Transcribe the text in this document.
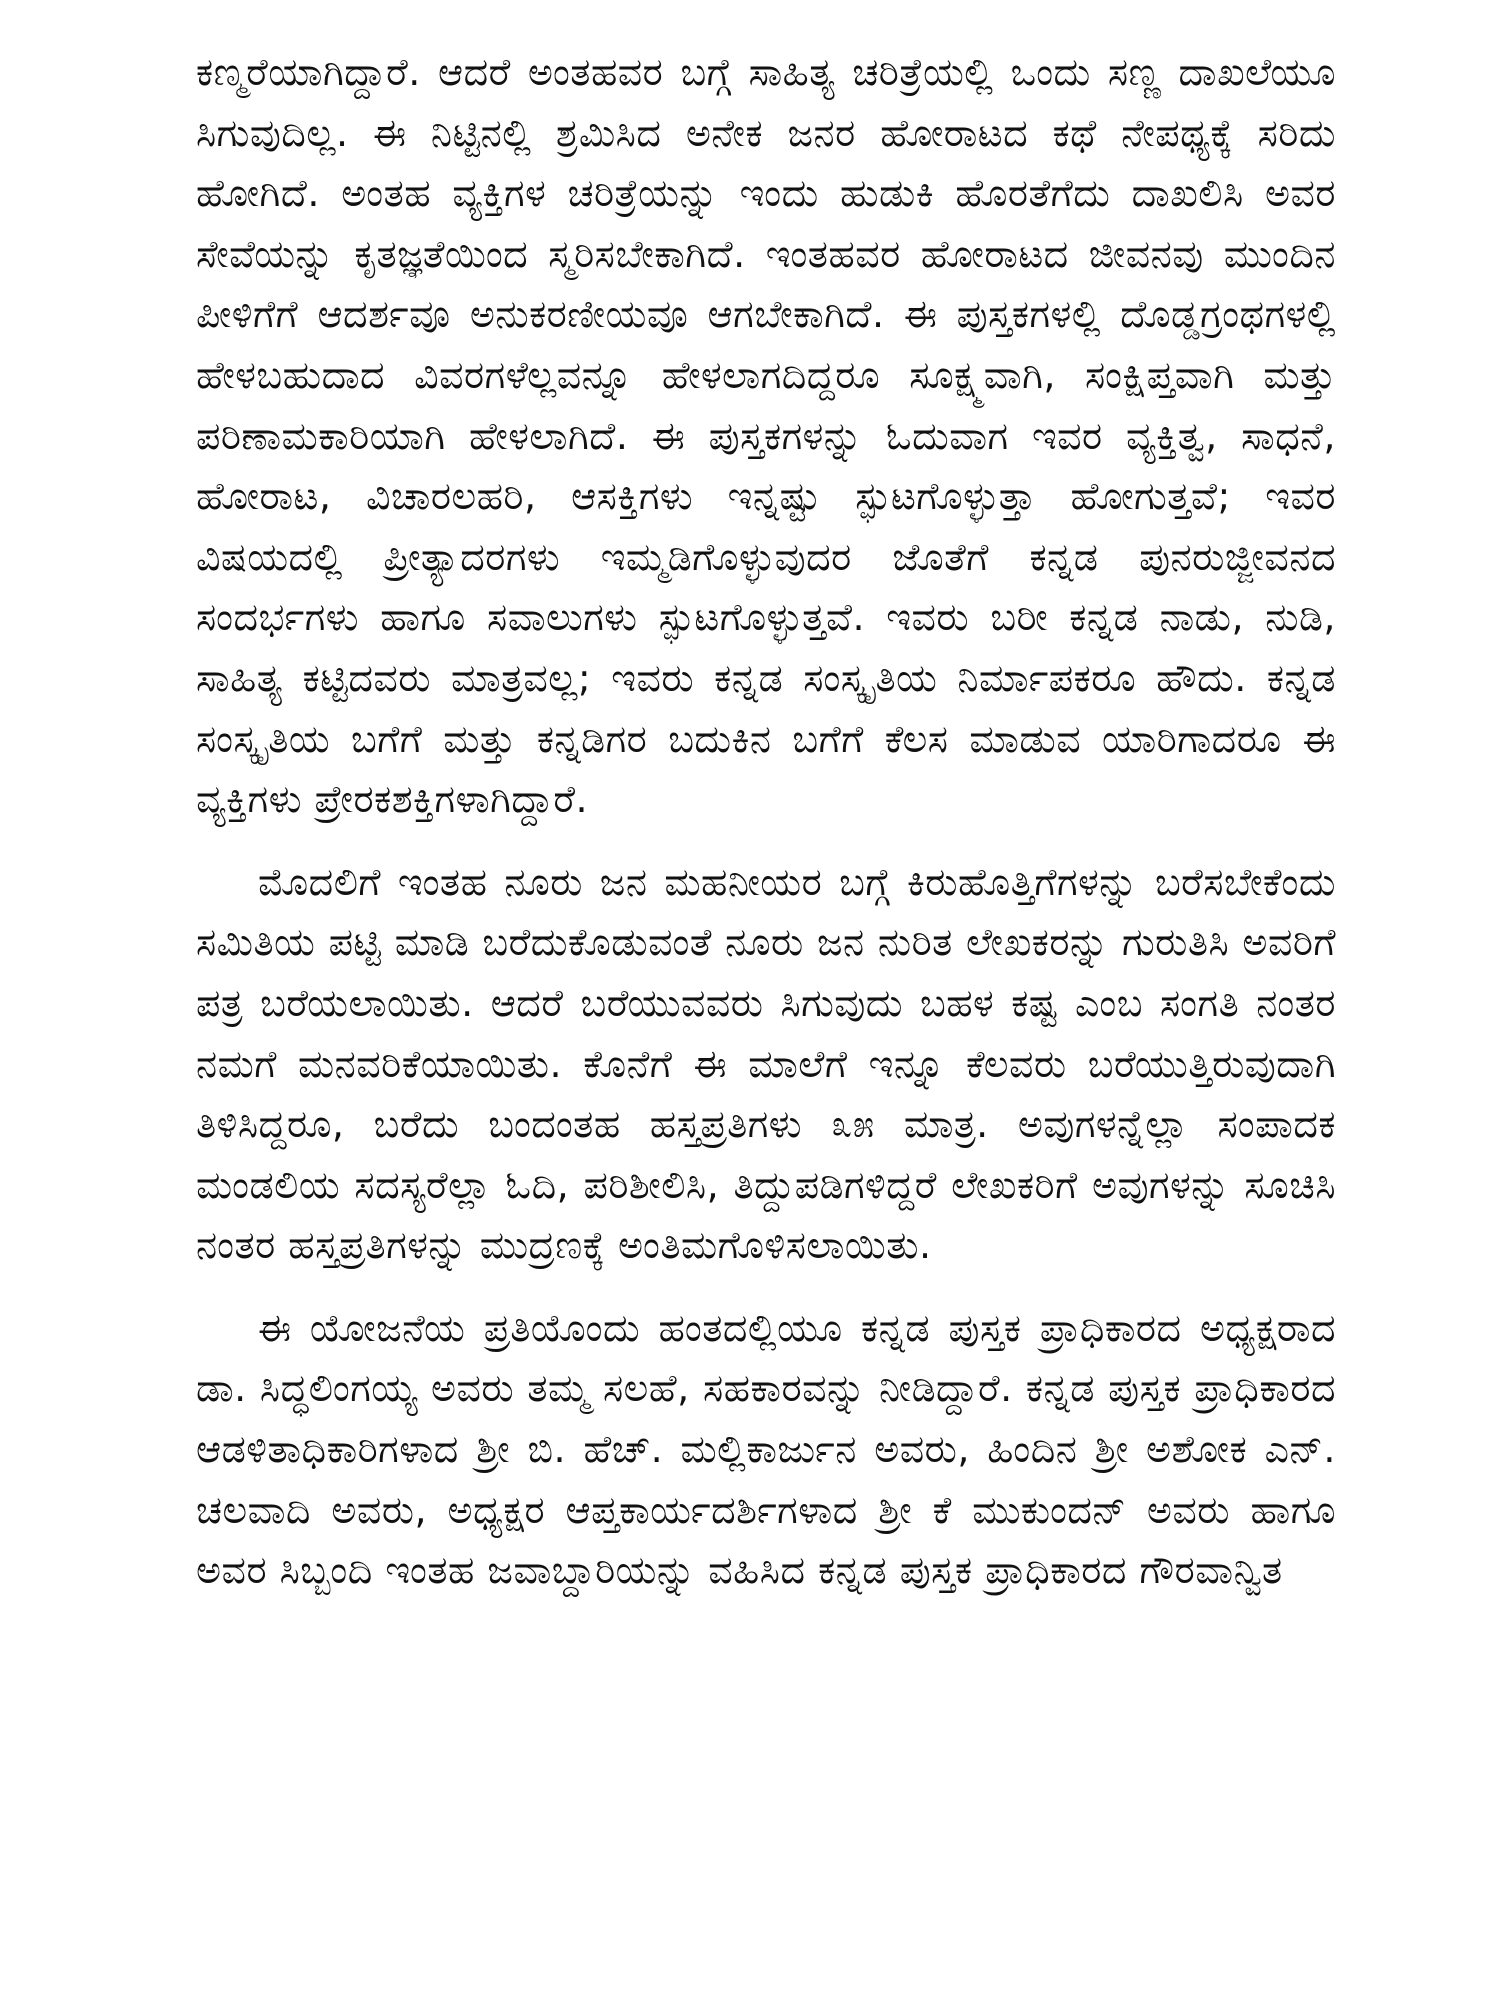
ಕಣ್ಮರೆಯಾಗಿದ್ದಾರೆ. ಆದರೆ ಅಂತಹವರ ಬಗ್ಗೆ ಸಾಹಿತ್ಯ ಚರಿತ್ರೆಯಲ್ಲಿ ಒಂದು ಸಣ್ಣ ದಾಖಲೆಯೂ ಸಿಗುವುದಿಲ್ಲ. ಈ ನಿಟ್ಟಿನಲ್ಲಿ ಶ್ರಮಿಸಿದ ಅನೇಕ ಜನರ ಹೋರಾಟದ ಕಥೆ ನೇಪಥ್ಯಕ್ಕೆ ಸರಿದು ಹೋಗಿದೆ. ಅಂತಹ ವ್ಯಕ್ತಿಗಳ ಚರಿತ್ರೆಯನ್ನು ಇಂದು ಹುಡುಕಿ ಹೊರತೆಗೆದು ದಾಖಲಿಸಿ ಅವರ ಸೇವೆಯನ್ನು ಕೃತಜ್ಞತೆಯಿಂದ ಸ್ಮರಿಸಬೇಕಾಗಿದೆ. ಇಂತಹವರ ಹೋರಾಟದ ಜೀವನವು ಮುಂದಿನ ಪೀಳಿಗೆಗೆ ಆದರ್ಶವೂ ಅನುಕರಣೀಯವೂ ಆಗಬೇಕಾಗಿದೆ. ಈ ಪುಸ್ತಕಗಳಲ್ಲಿ ದೊಡ್ಡಗ್ರಂಥಗಳಲ್ಲಿ ಹೇಳಬಹುದಾದ ವಿವರಗಳೆಲ್ಲವನ್ನೂ ಹೇಳಲಾಗದಿದ್ದರೂ ಸೂಕ್ಷ್ಮವಾಗಿ, ಸಂಕ್ಷಿಪ್ತವಾಗಿ ಮತ್ತು ಪರಿಣಾಮಕಾರಿಯಾಗಿ ಹೇಳಲಾಗಿದೆ. ಈ ಪುಸ್ತಕಗಳನ್ನು ಓದುವಾಗ ಇವರ ವ್ಯಕ್ತಿತ್ವ, ಸಾಧನೆ, ಹೋರಾಟ, ವಿಚಾರಲಹರಿ, ಆಸಕ್ತಿಗಳು ಇನ್ನಷ್ಟು ಸ್ಫುಟಗೊಳ್ಳುತ್ತಾ ಹೋಗುತ್ತವೆ; ಇವರ ವಿಷಯದಲ್ಲಿ ಪ್ರೀತ್ಯಾದರಗಳು ಇಮ್ಮಡಿಗೊಳ್ಳುವುದರ ಜೊತೆಗೆ ಕನ್ನಡ ಪುನರುಜ್ಜೀವನದ ಸಂದರ್ಭಗಳು ಹಾಗೂ ಸವಾಲುಗಳು ಸ್ಫುಟಗೊಳ್ಳುತ್ತವೆ. ಇವರು ಬರೀ ಕನ್ನಡ ನಾಡು, ನುಡಿ, ಸಾಹಿತ್ಯ ಕಟ್ಟಿದವರು ಮಾತ್ರವಲ್ಲ; ಇವರು ಕನ್ನಡ ಸಂಸ್ಕೃತಿಯ ನಿರ್ಮಾಪಕರೂ ಹೌದು. ಕನ್ನಡ ಸಂಸ್ಕೃತಿಯ ಬಗೆಗೆ ಮತ್ತು ಕನ್ನಡಿಗರ ಬದುಕಿನ ಬಗೆಗೆ ಕೆಲಸ ಮಾಡುವ ಯಾರಿಗಾದರೂ ಈ ವ್ಯಕ್ತಿಗಳು ಪ್ರೇರಕಶಕ್ತಿಗಳಾಗಿದ್ದಾರೆ.

ಮೊದಲಿಗೆ ಇಂತಹ ನೂರು ಜನ ಮಹನೀಯರ ಬಗ್ಗೆ ಕಿರುಹೊತ್ತಿಗೆಗಳನ್ನು ಬರೆಸಬೇಕೆಂದು ಸಮಿತಿಯ ಪಟ್ಟಿ ಮಾಡಿ ಬರೆದುಕೊಡುವಂತೆ ನೂರು ಜನ ನುರಿತ ಲೇಖಕರನ್ನು ಗುರುತಿಸಿ ಅವರಿಗೆ ಪತ್ರ ಬರೆಯಲಾಯಿತು. ಆದರೆ ಬರೆಯುವವರು ಸಿಗುವುದು ಬಹಳ ಕಷ್ಟ ಎಂಬ ಸಂಗತಿ ನಂತರ ನಮಗೆ ಮನವರಿಕೆಯಾಯಿತು. ಕೊನೆಗೆ ಈ ಮಾಲೆಗೆ ಇನ್ನೂ ಕೆಲವರು ಬರೆಯುತ್ತಿರುವುದಾಗಿ ತಿಳಿಸಿದ್ದರೂ, ಬರೆದು ಬಂದಂತಹ ಹಸ್ತಪ್ರತಿಗಳು ೩೫ ಮಾತ್ರ. ಅವುಗಳನ್ನೆಲ್ಲಾ ಸಂಪಾದಕ ಮಂಡಲಿಯ ಸದಸ್ಯರೆಲ್ಲಾ ಓದಿ, ಪರಿಶೀಲಿಸಿ, ತಿದ್ದುಪಡಿಗಳಿದ್ದರೆ ಲೇಖಕರಿಗೆ ಅವುಗಳನ್ನು ಸೂಚಿಸಿ ನಂತರ ಹಸ್ತಪ್ರತಿಗಳನ್ನು ಮುದ್ರಣಕ್ಕೆ ಅಂತಿಮಗೊಳಿಸಲಾಯಿತು.

ಈ ಯೋಜನೆಯ ಪ್ರತಿಯೊಂದು ಹಂತದಲ್ಲಿಯೂ ಕನ್ನಡ ಪುಸ್ತಕ ಪ್ರಾಧಿಕಾರದ ಅಧ್ಯಕ್ಷರಾದ ಡಾ. ಸಿದ್ಧಲಿಂಗಯ್ಯ ಅವರು ತಮ್ಮ ಸಲಹೆ, ಸಹಕಾರವನ್ನು ನೀಡಿದ್ದಾರೆ. ಕನ್ನಡ ಪುಸ್ತಕ ಪ್ರಾಧಿಕಾರದ ಆಡಳಿತಾಧಿಕಾರಿಗಳಾದ ಶ್ರೀ ಬಿ. ಹೆಚ್. ಮಲ್ಲಿಕಾರ್ಜುನ ಅವರು, ಹಿಂದಿನ ಶ್ರೀ ಅಶೋಕ ಎನ್. ಚಲವಾದಿ ಅವರು, ಅಧ್ಯಕ್ಷರ ಆಪ್ತಕಾರ್ಯದರ್ಶಿಗಳಾದ ಶ್ರೀ ಕೆ ಮುಕುಂದನ್ ಅವರು ಹಾಗೂ ಅವರ ಸಿಬ್ಬಂದಿ ಇಂತಹ ಜವಾಬ್ದಾರಿಯನ್ನು ವಹಿಸಿದ ಕನ್ನಡ ಪುಸ್ತಕ ಪ್ರಾಧಿಕಾರದ ಗೌರವಾನ್ವಿತ
